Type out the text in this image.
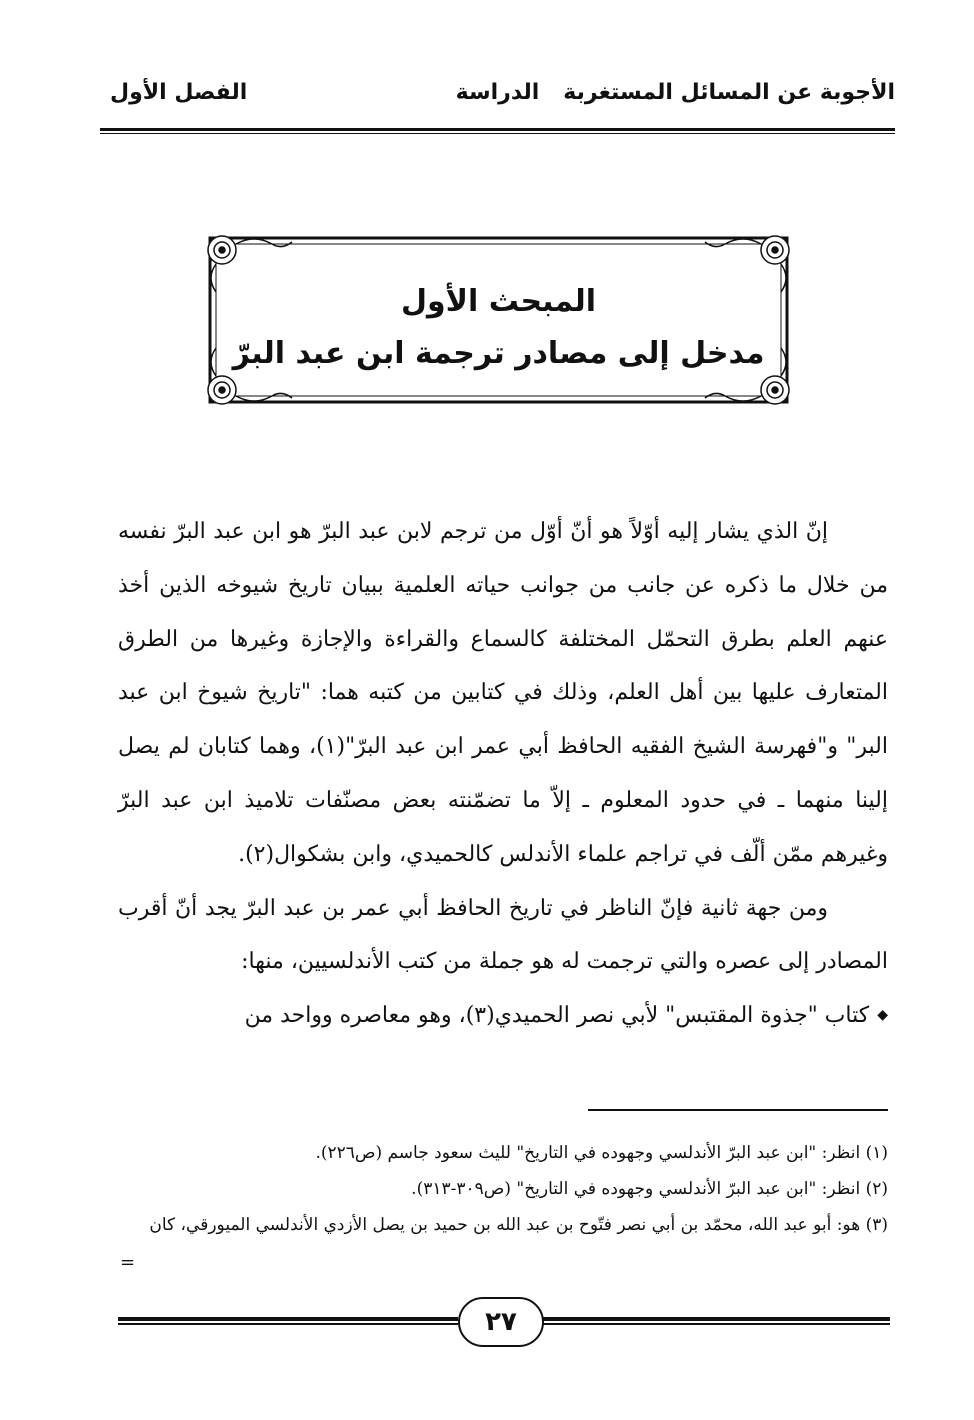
الأجوبة عن المسائل المستغربة
الدراسة
الفصل الأول
المبحث الأول
مدخل إلى مصادر ترجمة ابن عبد البرّ

إنّ الذي يشار إليه أوّلاً هو أنّ أوّل من ترجم لابن عبد البرّ هو ابن عبد البرّ نفسه من خلال ما ذكره عن جانب من جوانب حياته العلمية ببيان تاريخ شيوخه الذين أخذ عنهم العلم بطرق التحمّل المختلفة كالسماع والقراءة والإجازة وغيرها من الطرق المتعارف عليها بين أهل العلم، وذلك في كتابين من كتبه هما: "تاريخ شيوخ ابن عبد البر" و"فهرسة الشيخ الفقيه الحافظ أبي عمر ابن عبد البرّ"(١)، وهما كتابان لم يصل إلينا منهما ـ في حدود المعلوم ـ إلاّ ما تضمّنته بعض مصنّفات تلاميذ ابن عبد البرّ وغيرهم ممّن ألّف في تراجم علماء الأندلس كالحميدي، وابن بشكوال(٢).

ومن جهة ثانية فإنّ الناظر في تاريخ الحافظ أبي عمر بن عبد البرّ يجد أنّ أقرب المصادر إلى عصره والتي ترجمت له هو جملة من كتب الأندلسيين، منها:

◆ كتاب "جذوة المقتبس" لأبي نصر الحميدي(٣)، وهو معاصره وواحد من

(١) انظر: "ابن عبد البرّ الأندلسي وجهوده في التاريخ" لليث سعود جاسم (ص٢٢٦).

(٢) انظر: "ابن عبد البرّ الأندلسي وجهوده في التاريخ" (ص٣٠٩-٣١٣).

(٣) هو: أبو عبد الله، محمّد بن أبي نصر فتّوح بن عبد الله بن حميد بن يصل الأزدي الأندلسي الميورقي، كان

=
٢٧
